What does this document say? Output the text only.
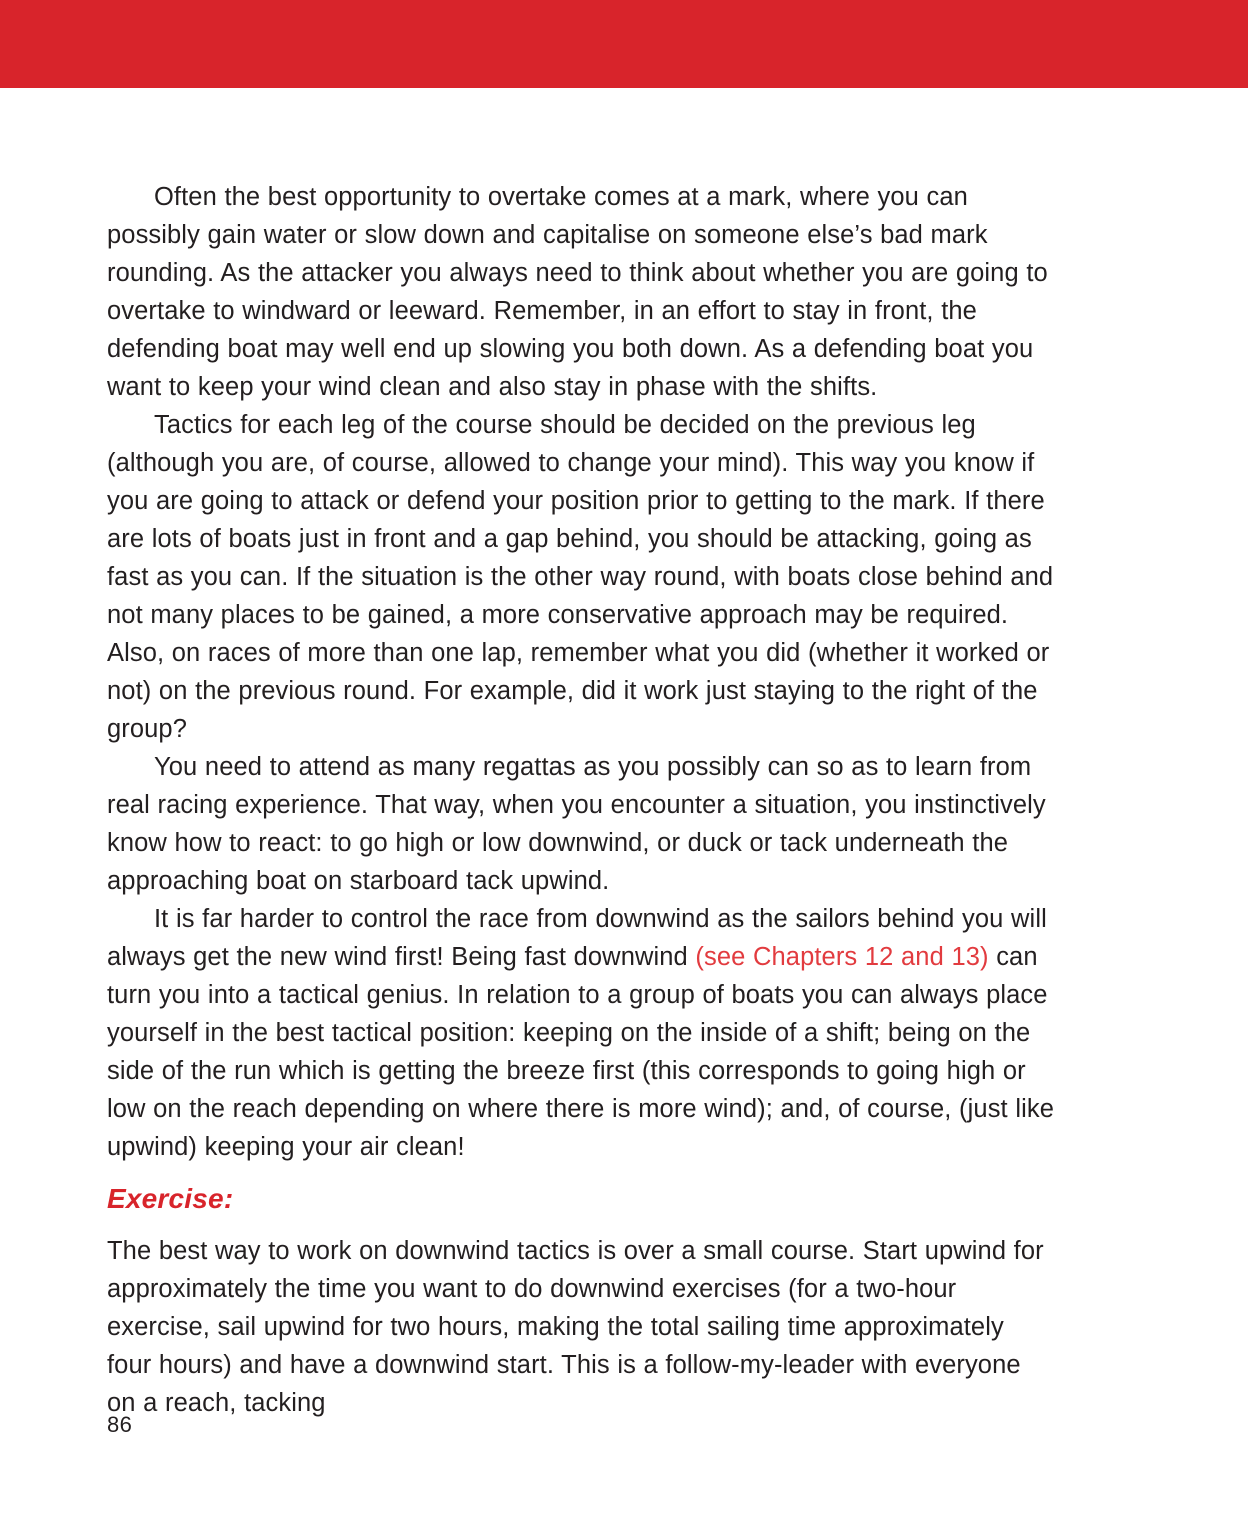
Often the best opportunity to overtake comes at a mark, where you can possibly gain water or slow down and capitalise on someone else’s bad mark rounding. As the attacker you always need to think about whether you are going to overtake to windward or leeward. Remember, in an effort to stay in front, the defending boat may well end up slowing you both down. As a defending boat you want to keep your wind clean and also stay in phase with the shifts.

Tactics for each leg of the course should be decided on the previous leg (although you are, of course, allowed to change your mind). This way you know if you are going to attack or defend your position prior to getting to the mark. If there are lots of boats just in front and a gap behind, you should be attacking, going as fast as you can. If the situation is the other way round, with boats close behind and not many places to be gained, a more conservative approach may be required. Also, on races of more than one lap, remember what you did (whether it worked or not) on the previous round. For example, did it work just staying to the right of the group?

You need to attend as many regattas as you possibly can so as to learn from real racing experience. That way, when you encounter a situation, you instinctively know how to react: to go high or low downwind, or duck or tack underneath the approaching boat on starboard tack upwind.

It is far harder to control the race from downwind as the sailors behind you will always get the new wind first! Being fast downwind (see Chapters 12 and 13) can turn you into a tactical genius. In relation to a group of boats you can always place yourself in the best tactical position: keeping on the inside of a shift; being on the side of the run which is getting the breeze first (this corresponds to going high or low on the reach depending on where there is more wind); and, of course, (just like upwind) keeping your air clean!

Exercise:

The best way to work on downwind tactics is over a small course. Start upwind for approximately the time you want to do downwind exercises (for a two-hour exercise, sail upwind for two hours, making the total sailing time approximately four hours) and have a downwind start. This is a follow-my-leader with everyone on a reach, tacking

86
